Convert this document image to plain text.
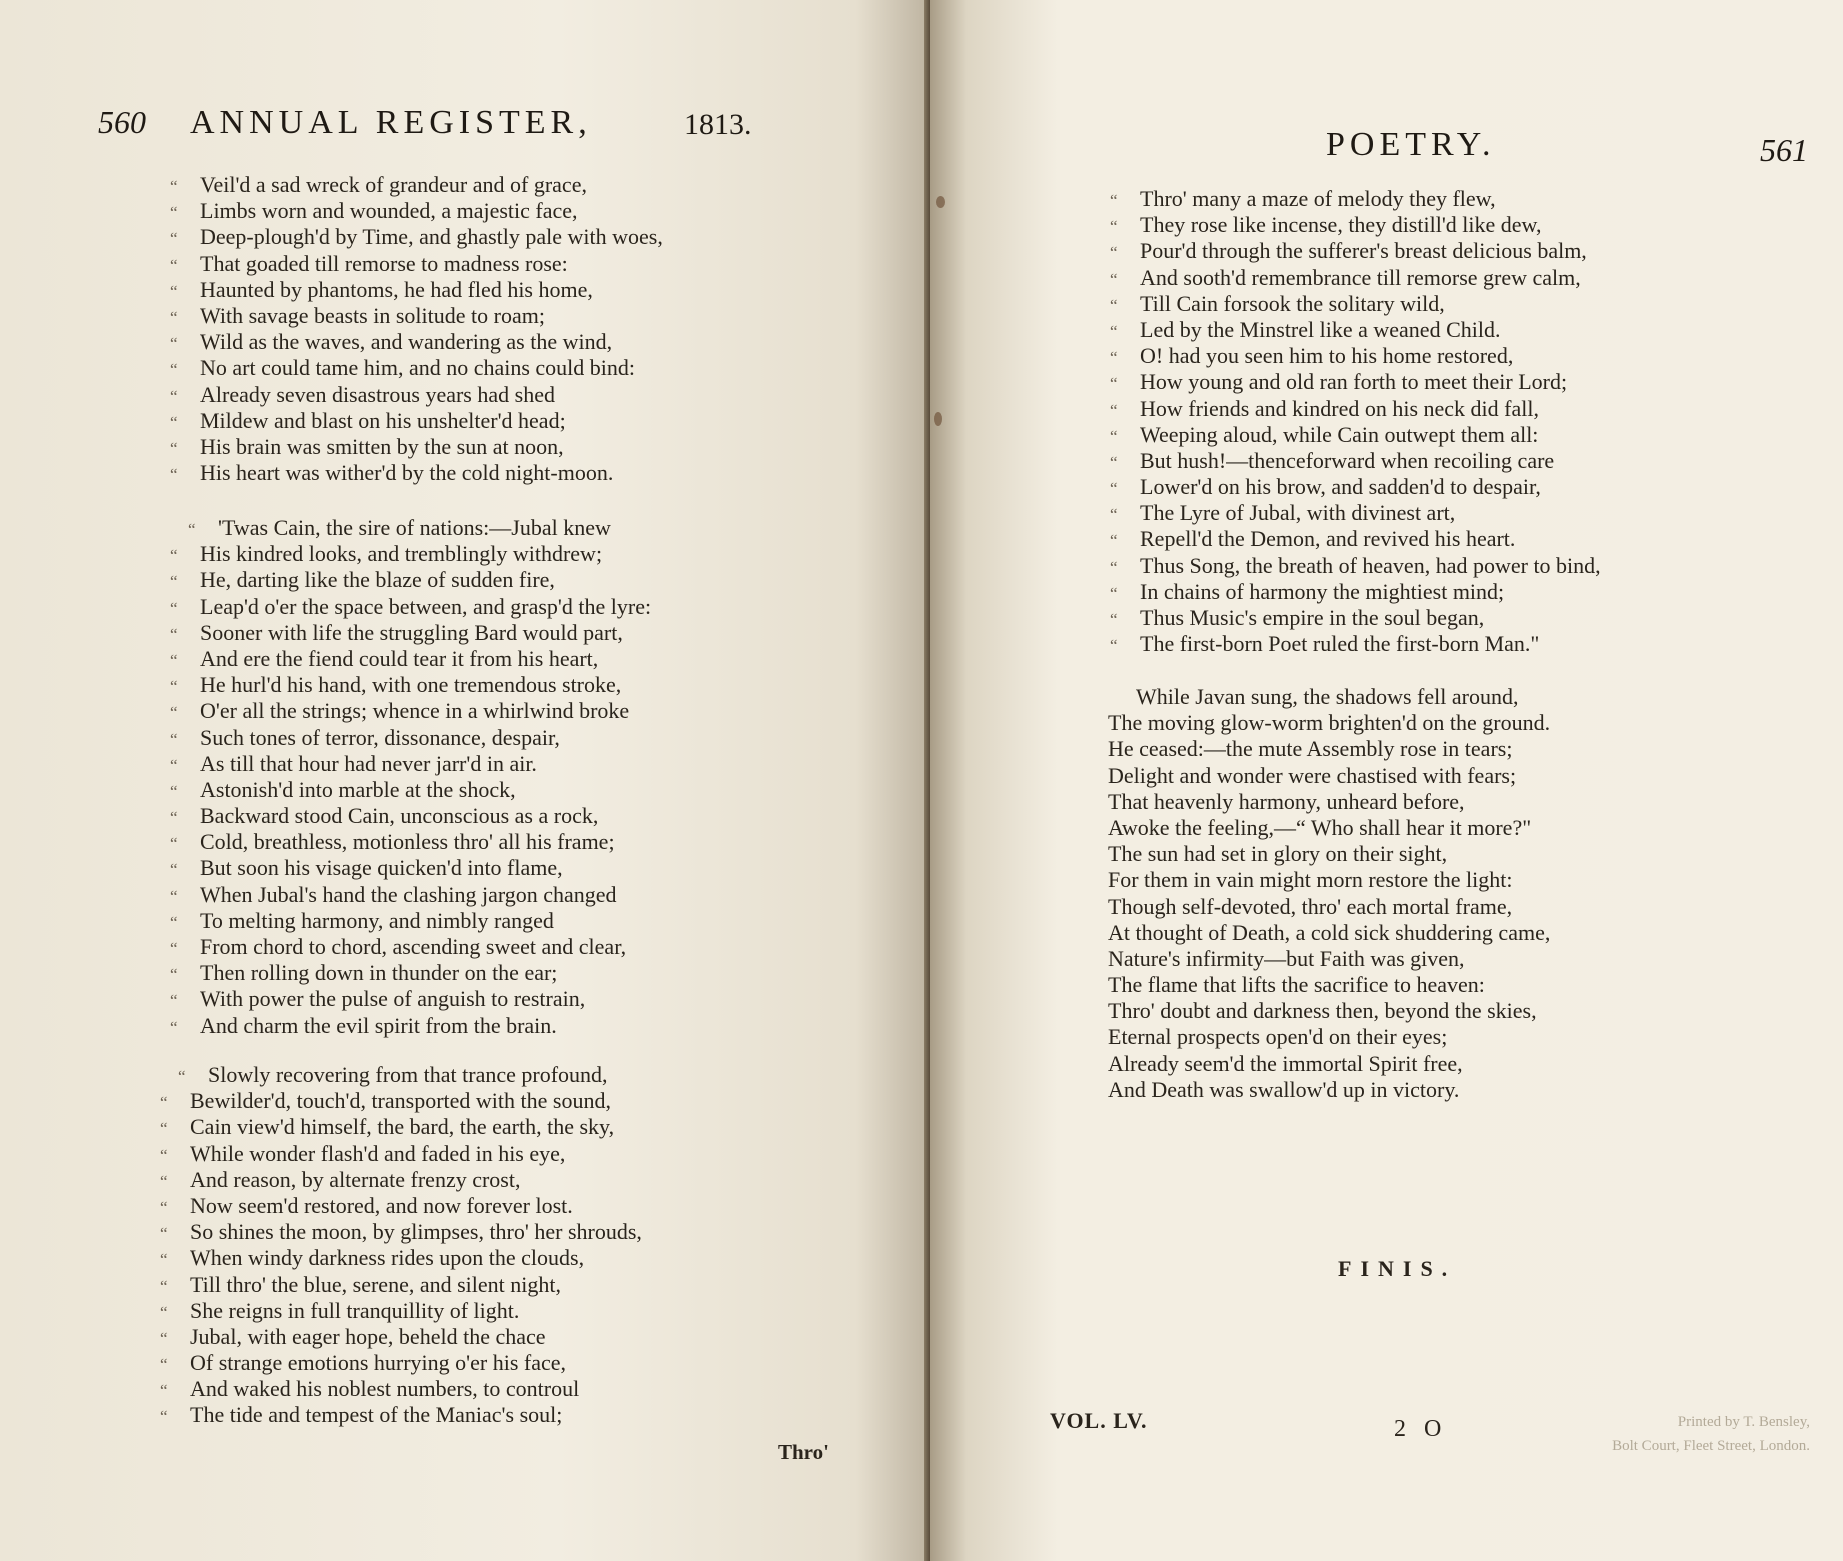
560 ANNUAL REGISTER,	1813.
“ Veil'd a sad wreck of grandeur and of grace,
“ Limbs worn and wounded, a majestic face,
“ Deep-plough'd by Time, and ghastly pale with woes,
“ That goaded till remorse to madness rose:
“ Haunted by phantoms, he had fled his home,
“ With savage beasts in solitude to roam;
“ Wild as the waves, and wandering as the wind,
“ No art could tame him, and no chains could bind:
“ Already seven disastrous years had shed
“ Mildew and blast on his unshelter'd head;
“ His brain was smitten by the sun at noon,
“ His heart was wither'd by the cold night-moon.
“ 'Twas Cain, the sire of nations:—Jubal knew
“ His kindred looks, and tremblingly withdrew;
“ He, darting like the blaze of sudden fire,
“ Leap'd o'er the space between, and grasp'd the lyre:
“ Sooner with life the struggling Bard would part,
“ And ere the fiend could tear it from his heart,
“ He hurl'd his hand, with one tremendous stroke,
“ O'er all the strings; whence in a whirlwind broke
“ Such tones of terror, dissonance, despair,
“ As till that hour had never jarr'd in air.
“ Astonish'd into marble at the shock,
“ Backward stood Cain, unconscious as a rock,
“ Cold, breathless, motionless thro' all his frame;
“ But soon his visage quicken'd into flame,
“ When Jubal's hand the clashing jargon changed
“ To melting harmony, and nimbly ranged
“ From chord to chord, ascending sweet and clear,
“ Then rolling down in thunder on the ear;
“ With power the pulse of anguish to restrain,
“ And charm the evil spirit from the brain.
“ Slowly recovering from that trance profound,
“ Bewilder'd, touch'd, transported with the sound,
“ Cain view'd himself, the bard, the earth, the sky,
“ While wonder flash'd and faded in his eye,
“ And reason, by alternate frenzy crost,
“ Now seem'd restored, and now forever lost.
“ So shines the moon, by glimpses, thro' her shrouds,
“ When windy darkness rides upon the clouds,
“ Till thro' the blue, serene, and silent night,
“ She reigns in full tranquillity of light.
“ Jubal, with eager hope, beheld the chace
“ Of strange emotions hurrying o'er his face,
“ And waked his noblest numbers, to controul
“ The tide and tempest of the Maniac's soul;
Thro'
POETRY.	561
“ Thro' many a maze of melody they flew,
“ They rose like incense, they distill'd like dew,
“ Pour'd through the sufferer's breast delicious balm,
“ And sooth'd remembrance till remorse grew calm,
“ Till Cain forsook the solitary wild,
“ Led by the Minstrel like a weaned Child.
“ O! had you seen him to his home restored,
“ How young and old ran forth to meet their Lord;
“ How friends and kindred on his neck did fall,
“ Weeping aloud, while Cain outwept them all:
“ But hush!—thenceforward when recoiling care
“ Lower'd on his brow, and sadden'd to despair,
“ The Lyre of Jubal, with divinest art,
“ Repell'd the Demon, and revived his heart.
“ Thus Song, the breath of heaven, had power to bind,
“ In chains of harmony the mightiest mind;
“ Thus Music's empire in the soul began,
“ The first-born Poet ruled the first-born Man."
While Javan sung, the shadows fell around,
The moving glow-worm brighten'd on the ground.
He ceased:—the mute Assembly rose in tears;
Delight and wonder were chastised with fears;
That heavenly harmony, unheard before,
Awoke the feeling,—“ Who shall hear it more?"
The sun had set in glory on their sight,
For them in vain might morn restore the light:
Though self-devoted, thro' each mortal frame,
At thought of Death, a cold sick shuddering came,
Nature's infirmity—but Faith was given,
The flame that lifts the sacrifice to heaven:
Thro' doubt and darkness then, beyond the skies,
Eternal prospects open'd on their eyes;
Already seem'd the immortal Spirit free,
And Death was swallow'd up in victory.
FINIS.
VOL. LV.	2 O	Printed by T. Bensley,
Bolt Court, Fleet Street, London.
